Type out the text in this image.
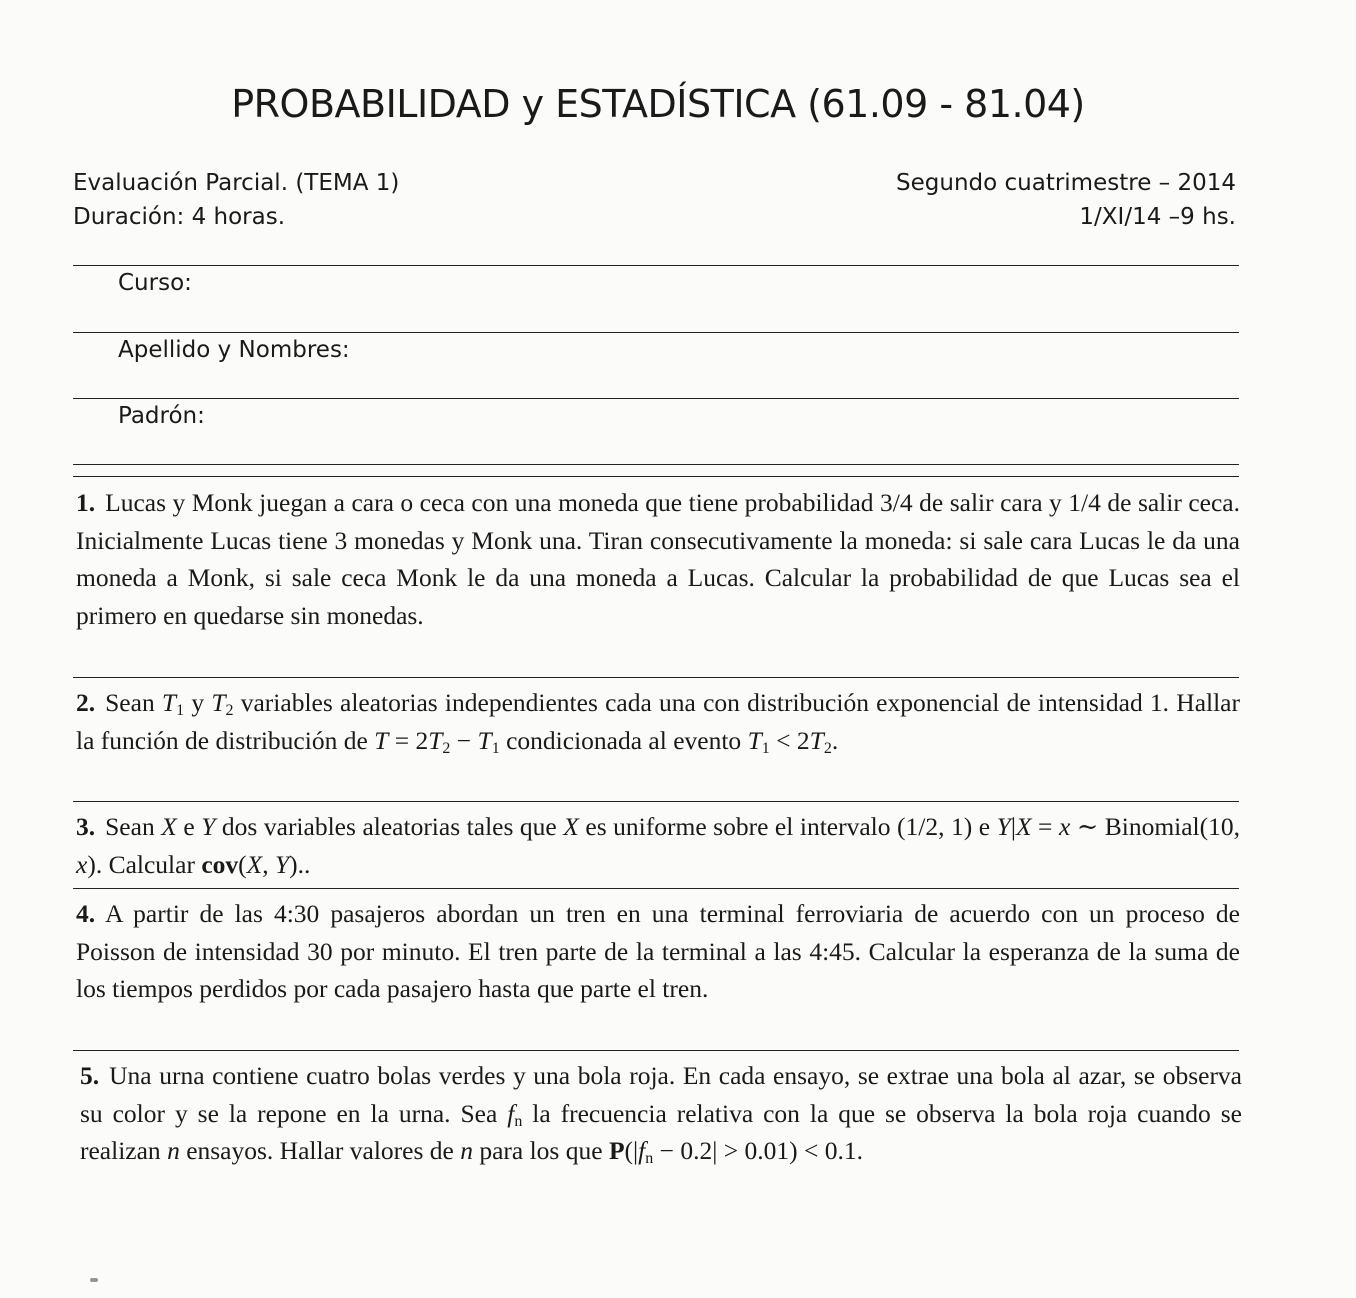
PROBABILIDAD y ESTADÍSTICA (61.09 - 81.04)
Evaluación Parcial. (TEMA 1)
Duración: 4 horas.
Segundo cuatrimestre – 2014
1/XI/14 –9 hs.
Curso:
Apellido y Nombres:
Padrón:
1. Lucas y Monk juegan a cara o ceca con una moneda que tiene probabilidad 3/4 de salir cara y 1/4 de salir ceca. Inicialmente Lucas tiene 3 monedas y Monk una. Tiran consecutivamente la moneda: si sale cara Lucas le da una moneda a Monk, si sale ceca Monk le da una moneda a Lucas. Calcular la probabilidad de que Lucas sea el primero en quedarse sin monedas.
2. Sean $T_1$ y $T_2$ variables aleatorias independientes cada una con distribución exponencial de intensidad 1. Hallar la función de distribución de $T = 2T_2 - T_1$ condicionada al evento $T_1 < 2T_2$.
3. Sean X e Y dos variables aleatorias tales que X es uniforme sobre el intervalo (1/2, 1) e Y|X = x ∼ Binomial(10, x). Calcular cov(X, Y)..
4. A partir de las 4:30 pasajeros abordan un tren en una terminal ferroviaria de acuerdo con un proceso de Poisson de intensidad 30 por minuto. El tren parte de la terminal a las 4:45. Calcular la esperanza de la suma de los tiempos perdidos por cada pasajero hasta que parte el tren.
5. Una urna contiene cuatro bolas verdes y una bola roja. En cada ensayo, se extrae una bola al azar, se observa su color y se la repone en la urna. Sea $f_n$ la frecuencia relativa con la que se observa la bola roja cuando se realizan n ensayos. Hallar valores de n para los que $P(|f_n - 0.2| > 0.01) < 0.1$.
